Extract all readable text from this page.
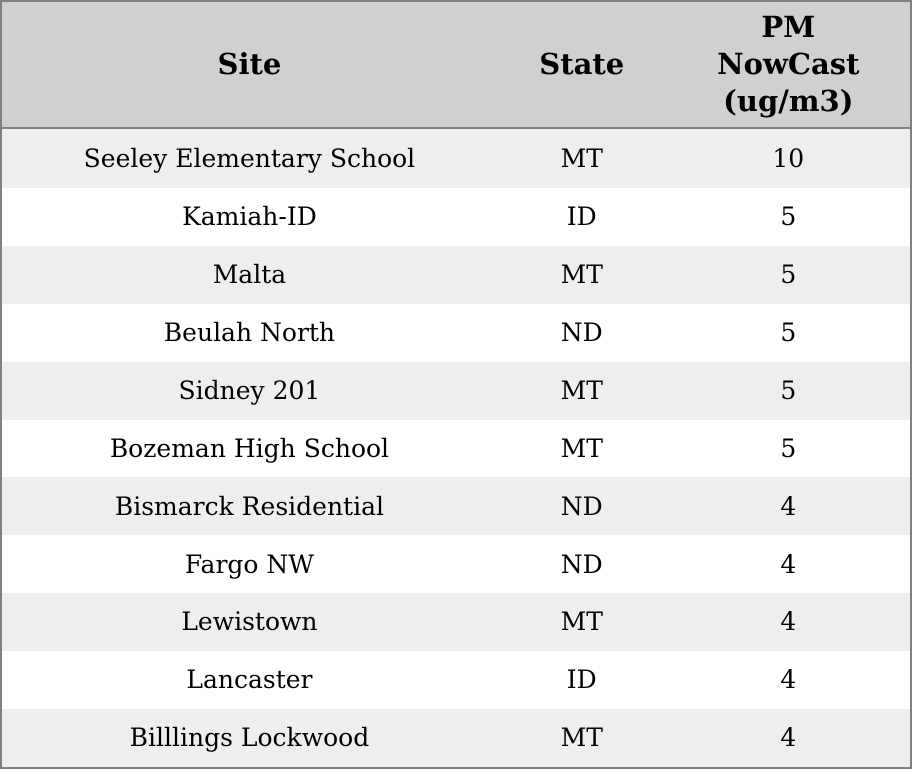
Site	State	PM NowCast (ug/m3)
Seeley Elementary School	MT	10
Kamiah-ID	ID	5
Malta	MT	5
Beulah North	ND	5
Sidney 201	MT	5
Bozeman High School	MT	5
Bismarck Residential	ND	4
Fargo NW	ND	4
Lewistown	MT	4
Lancaster	ID	4
Billlings Lockwood	MT	4
